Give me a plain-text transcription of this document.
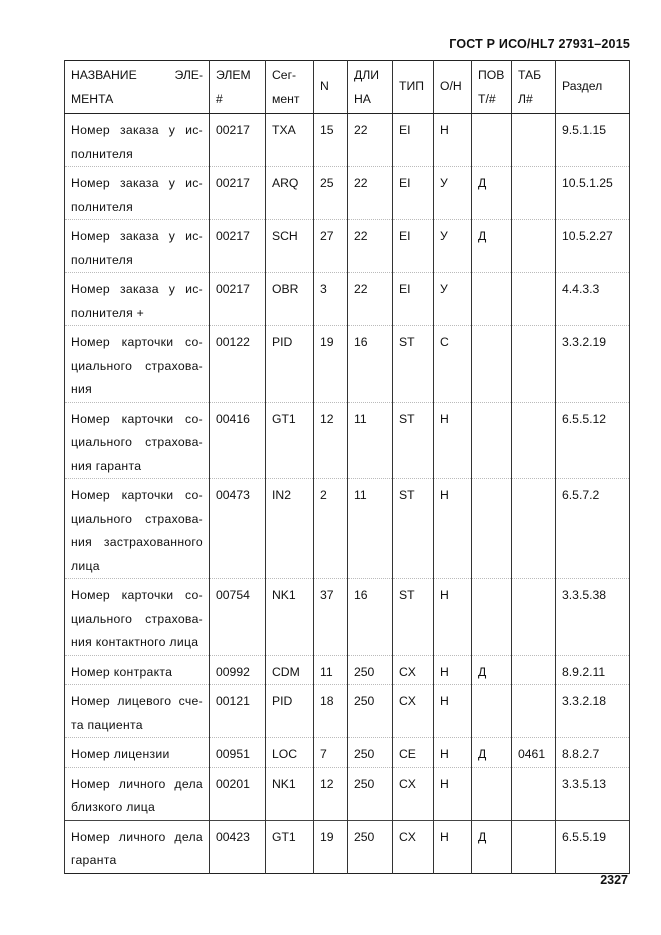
ГОСТ Р ИСО/HL7 27931–2015
НАЗВАНИЕ ЭЛЕ-МЕНТА	ЭЛЕМ #	Сег-мент	N	ДЛИ НА	ТИП	О/Н	ПОВ Т/#	ТАБ Л#	Раздел
Номер заказа у ис-полнителя	00217	TXA	15	22	EI	Н			9.5.1.15
Номер заказа у ис-полнителя	00217	ARQ	25	22	EI	У	Д		10.5.1.25
Номер заказа у ис-полнителя	00217	SCH	27	22	EI	У	Д		10.5.2.27
Номер заказа у ис-полнителя +	00217	OBR	3	22	EI	У			4.4.3.3
Номер карточки со-циального страхова-ния	00122	PID	19	16	ST	С			3.3.2.19
Номер карточки со-циального страхова-ния гаранта	00416	GT1	12	11	ST	Н			6.5.5.12
Номер карточки со-циального страхова-ния застрахованного лица	00473	IN2	2	11	ST	Н			6.5.7.2
Номер карточки со-циального страхова-ния контактного лица	00754	NK1	37	16	ST	Н			3.3.5.38
Номер контракта	00992	CDM	11	250	CX	Н	Д		8.9.2.11
Номер лицевого сче-та пациента	00121	PID	18	250	CX	Н			3.3.2.18
Номер лицензии	00951	LOC	7	250	CE	Н	Д	0461	8.8.2.7
Номер личного дела близкого лица	00201	NK1	12	250	CX	Н			3.3.5.13
Номер личного дела гаранта	00423	GT1	19	250	CX	Н	Д		6.5.5.19
2327
